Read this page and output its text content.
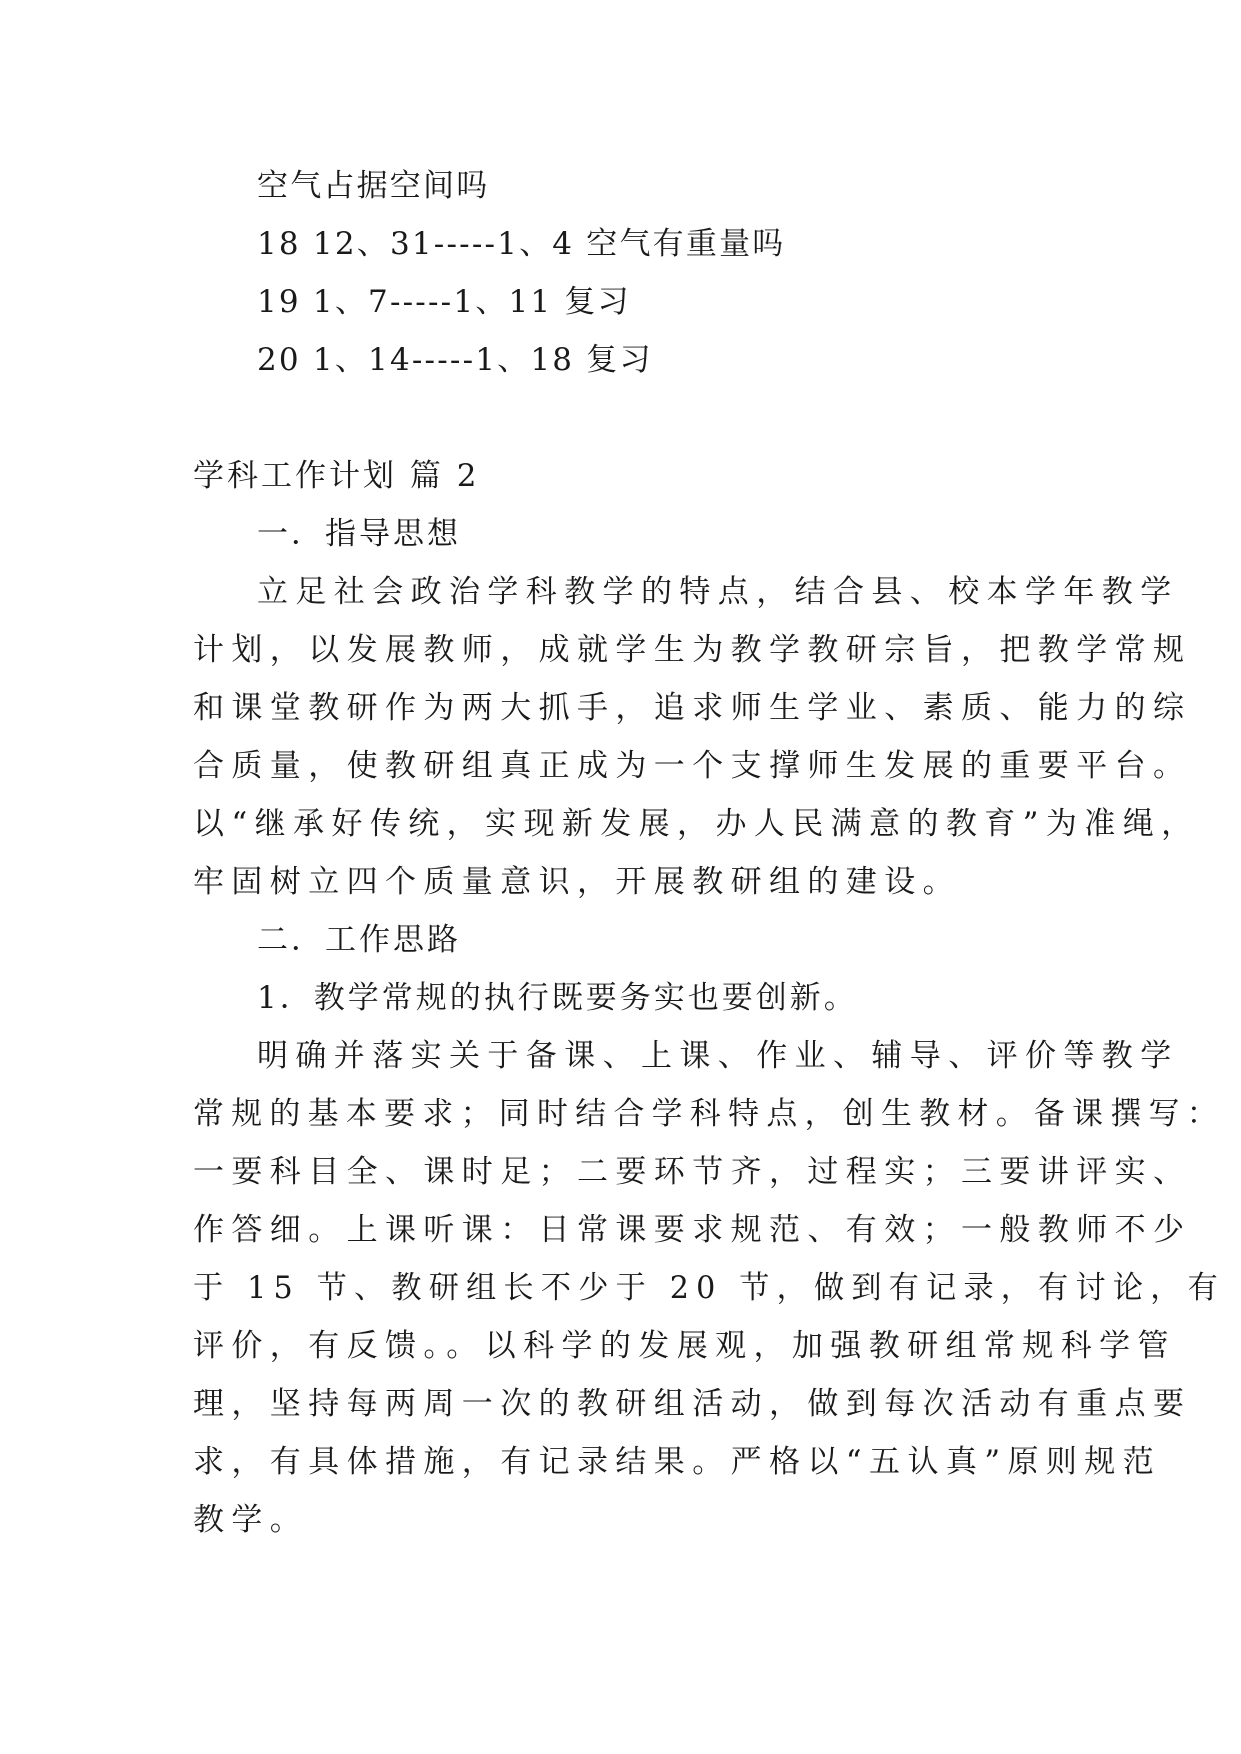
空气占据空间吗
18 12、31-----1、4 空气有重量吗
19 1、7-----1、11 复习
20 1、14-----1、18 复习
学科工作计划 篇 2
一．指导思想
立足社会政治学科教学的特点，结合县、校本学年教学
计划，以发展教师，成就学生为教学教研宗旨，把教学常规
和课堂教研作为两大抓手，追求师生学业、素质、能力的综
合质量，使教研组真正成为一个支撑师生发展的重要平台。
以“继承好传统，实现新发展，办人民满意的教育”为准绳，
牢固树立四个质量意识，开展教研组的建设。
二．工作思路
1．教学常规的执行既要务实也要创新。
明确并落实关于备课、上课、作业、辅导、评价等教学
常规的基本要求；同时结合学科特点，创生教材。备课撰写：
一要科目全、课时足；二要环节齐，过程实；三要讲评实、
作答细。上课听课：日常课要求规范、有效；一般教师不少
于 15 节、教研组长不少于 20 节，做到有记录，有讨论，有
评价，有反馈。。以科学的发展观，加强教研组常规科学管
理，坚持每两周一次的教研组活动，做到每次活动有重点要
求，有具体措施，有记录结果。严格以“五认真”原则规范
教学。
